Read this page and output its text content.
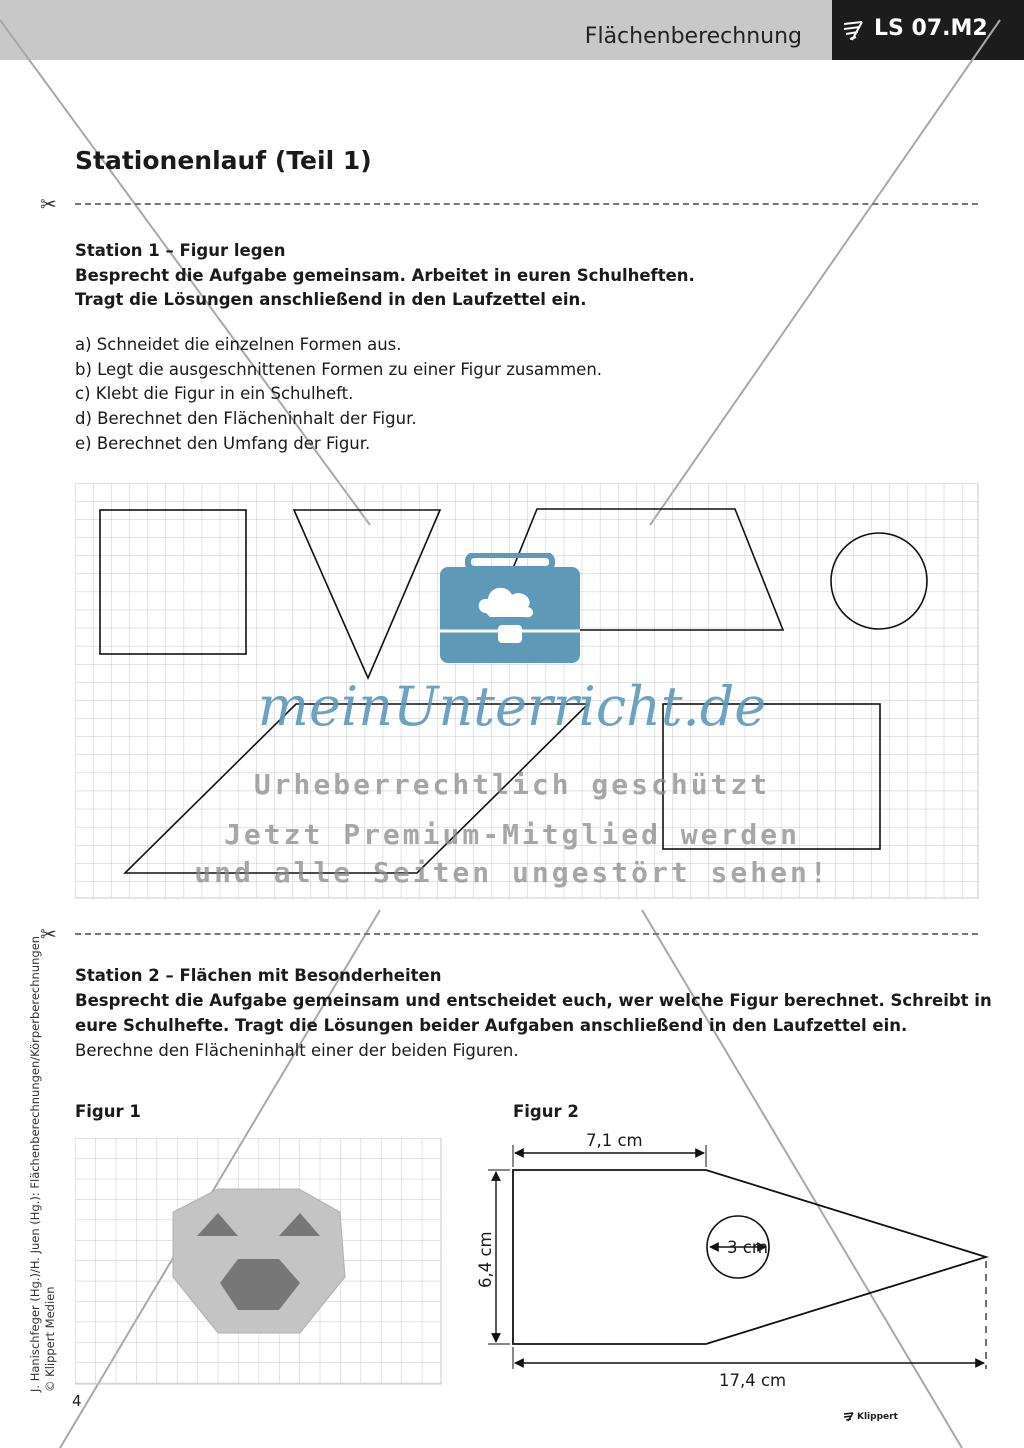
Flächenberechnung	LS 07.M2
Stationenlauf (Teil 1)
✂
Station 1 – Figur legen
Besprecht die Aufgabe gemeinsam. Arbeitet in euren Schulheften.
Tragt die Lösungen anschließend in den Laufzettel ein.
a) Schneidet die einzelnen Formen aus.
b) Legt die ausgeschnittenen Formen zu einer Figur zusammen.
c) Klebt die Figur in ein Schulheft.
d) Berechnet den Flächeninhalt der Figur.
e) Berechnet den Umfang der Figur.
meinUnterricht.de
Urheberrechtlich geschützt
Jetzt Premium-Mitglied werden
und alle Seiten ungestört sehen!
✂
Station 2 – Flächen mit Besonderheiten
Besprecht die Aufgabe gemeinsam und entscheidet euch, wer welche Figur berechnet. Schreibt in
eure Schulhefte. Tragt die Lösungen beider Aufgaben anschließend in den Laufzettel ein.
Berechne den Flächeninhalt einer der beiden Figuren.
Figur 1	Figur 2
7,1 cm
3 cm
17,4 cm
6,4 cm
4
J. Hanischfeger (Hg.)/H. Juen (Hg.): Flächenberechnungen/Körperberechnungen © Klippert Medien
Klippert
